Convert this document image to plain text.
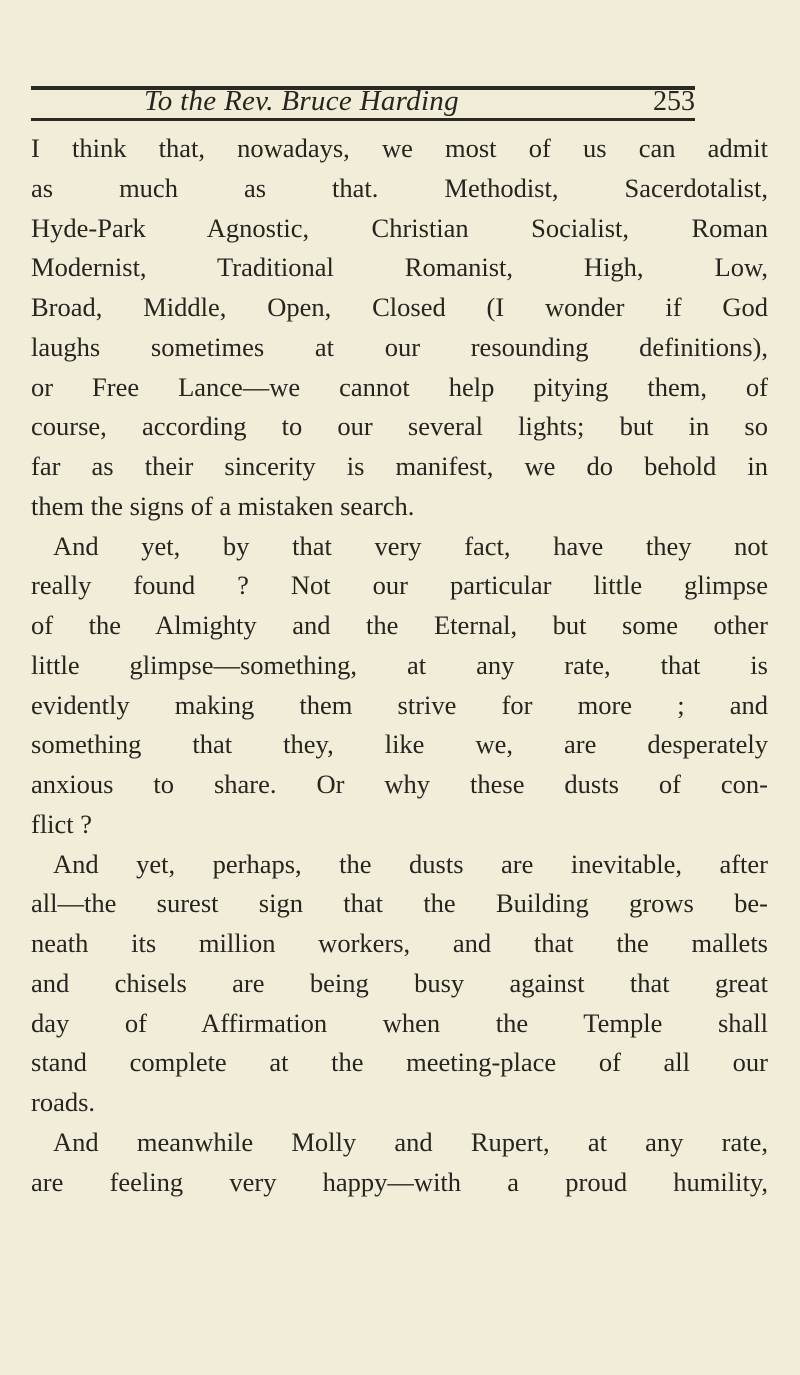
To the Rev. Bruce Harding	253
I think that, nowadays, we most of us can admit
as much as that. Methodist, Sacerdotalist,
Hyde-Park Agnostic, Christian Socialist, Roman
Modernist, Traditional Romanist, High, Low,
Broad, Middle, Open, Closed (I wonder if God
laughs sometimes at our resounding definitions),
or Free Lance—we cannot help pitying them, of
course, according to our several lights; but in so
far as their sincerity is manifest, we do behold in
them the signs of a mistaken search.
And yet, by that very fact, have they not
really found ? Not our particular little glimpse
of the Almighty and the Eternal, but some other
little glimpse—something, at any rate, that is
evidently making them strive for more ; and
something that they, like we, are desperately
anxious to share. Or why these dusts of con-
flict ?
And yet, perhaps, the dusts are inevitable, after
all—the surest sign that the Building grows be-
neath its million workers, and that the mallets
and chisels are being busy against that great
day of Affirmation when the Temple shall
stand complete at the meeting-place of all our
roads.
And meanwhile Molly and Rupert, at any rate,
are feeling very happy—with a proud humility,
